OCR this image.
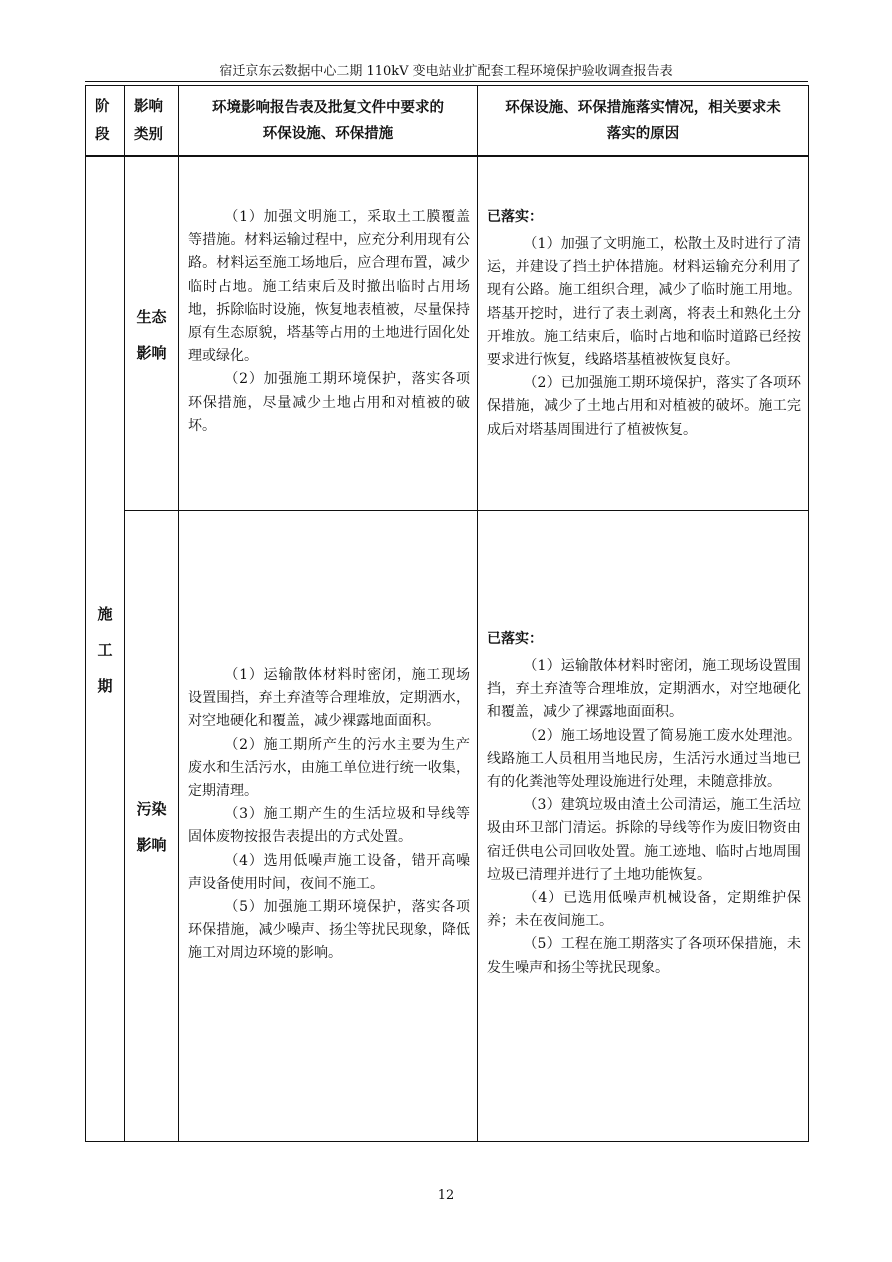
宿迁京东云数据中心二期 110kV 变电站业扩配套工程环境保护验收调查报告表
阶
段
影响
类别
环境影响报告表及批复文件中要求的
环保设施、环保措施
环保设施、环保措施落实情况，相关要求未
落实的原因
施
工
期
生态
影响

（1）加强文明施工，采取土工膜覆盖等措施。材料运输过程中，应充分利用现有公路。材料运至施工场地后，应合理布置，减少临时占地。施工结束后及时撤出临时占用场地，拆除临时设施，恢复地表植被，尽量保持原有生态原貌，塔基等占用的土地进行固化处理或绿化。

（2）加强施工期环境保护，落实各项环保措施，尽量减少土地占用和对植被的破坏。

已落实：

（1）加强了文明施工，松散土及时进行了清运，并建设了挡土护体措施。材料运输充分利用了现有公路。施工组织合理，减少了临时施工用地。塔基开挖时，进行了表土剥离，将表土和熟化土分开堆放。施工结束后，临时占地和临时道路已经按要求进行恢复，线路塔基植被恢复良好。

（2）已加强施工期环境保护，落实了各项环保措施，减少了土地占用和对植被的破坏。施工完成后对塔基周围进行了植被恢复。

污染
影响

（1）运输散体材料时密闭，施工现场设置围挡，弃土弃渣等合理堆放，定期洒水，对空地硬化和覆盖，减少裸露地面面积。

（2）施工期所产生的污水主要为生产废水和生活污水，由施工单位进行统一收集，定期清理。

（3）施工期产生的生活垃圾和导线等固体废物按报告表提出的方式处置。

（4）选用低噪声施工设备，错开高噪声设备使用时间，夜间不施工。

（5）加强施工期环境保护，落实各项环保措施，减少噪声、扬尘等扰民现象，降低施工对周边环境的影响。

已落实：

（1）运输散体材料时密闭，施工现场设置围挡，弃土弃渣等合理堆放，定期洒水，对空地硬化和覆盖，减少了裸露地面面积。

（2）施工场地设置了简易施工废水处理池。线路施工人员租用当地民房，生活污水通过当地已有的化粪池等处理设施进行处理，未随意排放。

（3）建筑垃圾由渣土公司清运，施工生活垃圾由环卫部门清运。拆除的导线等作为废旧物资由宿迁供电公司回收处置。施工迹地、临时占地周围垃圾已清理并进行了土地功能恢复。

（4）已选用低噪声机械设备，定期维护保养；未在夜间施工。

（5）工程在施工期落实了各项环保措施，未发生噪声和扬尘等扰民现象。

12
